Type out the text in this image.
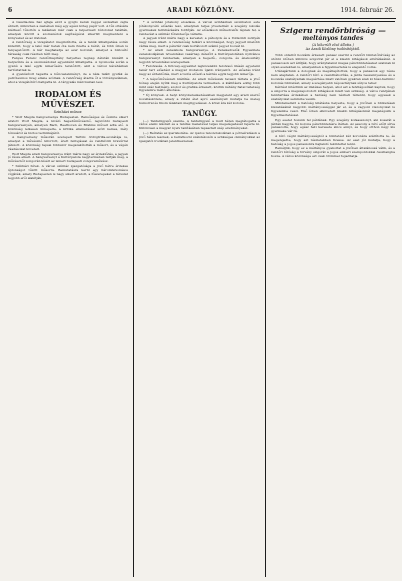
6	ARADI KÖZLÖNY.	1914. február 26.

A Gaudia-féle ház ajtaja előtt a gyújtó kerék reggel szokatlan zajra ébredt, miközben a zsebében még egy egész köteg papír volt. A tűz oltására kiérkező tűzoltók a lakásban már csak a felperzselt bútorokat találták, amelyek között a szomszédok segítségével sikerült megmenteni a könyveket és az iratokat.

A rendőrség a vizsgálatot megindította, és a tanúk kihallgatása során kiderült, hogy a lakó már hetek óta nem fizette a bérét, és több ízben is fenyegetőzött. A kár meghaladja az ezer koronát, amelyet a biztosító társaság csak részben térít meg.

Fenyes Ferenc rendőrkapitány helyettes tegnap délután kiszállt a helyszínre és a szomszédokat egyenként kihallgatta. A nyomozás során a gyanú a lakó egyik ismerősére terelődött, akit a városi kávéházban tartóztattak le.

A gyanúsított tagadta a bűncselekményt, de a nála talált gyufák és petróleumos üveg ellene szólnak. A rendőrség átadta őt a törvényszéknek, ahol a vizsgálóbíró hallgatta ki. A tárgyalás márciusban lesz.

IRODALOM ÉS MŰVÉSZET.
Szinházi műsor.

* Wolf Magda hangversenye Budapesten. Bensőséges és őszinte sikert aratott Wolf Magda, a kiváló hegedűművésznő, legutóbbi budapesti hangversenyén, amelyen Bach, Beethoven és Brahms műveit adta elő. A közönség lelkesen ünnepelte, a kritika elismeréssel szólt nemes, mély tónusáról és biztos technikájáról.

A hangverseny műsorán szerepelt Tartini ördögtrilla-szonátája is, amelyet a művésznő kiforrott, érett felfogással és rendkívüli bravúrral játszott. A közönség tapsai többször megszakították a műsort, és a végén ráadásokat követelt.

Wolf Magda aradi hangversenye iránt máris nagy az érdeklődés, a jegyek jó része elkelt. A hangversenyt a Kultúrpalota nagytermében tartják meg, a művésznőt zongorán kíséri az ismert budapesti zongoraművész.

* Színházi hírek. A városi színház igazgatósága a jövő hétre érdekes újdonságot tűzött műsorra. Bemutatásra kerül egy háromfelvonásos vígjáték, amely Budapesten is nagy sikert aratott, a főszerepeket a társulat legjobb erői alakítják.

* A színház jótékony előadása. A városi színházban szombaton este jótékonycélú előadás lesz, amelynek teljes jövedelmét a szegény iskolás gyermekek felruházására fordítják. Az előadáson műkedvelők lépnek fel, a rendezést a színház főrendezője vállalta.

A jegyek iránt máris nagy a kereslet; a páholyok és a földszinti zsöllyék nagy része elkelt. A rendezőség felkéri a közönséget, hogy jegyeit mielőbb váltsa meg, mert a pénztár csak korlátozott számú jegyet bocsát ki.

* Az aradi zeneiskola hangversenye. A Zenekedvelők Egyesülete zeneiskolájának növendékei vasárnap délelőtt a Kultúrpalotában nyilvános hangversenyt rendeznek, amelyen a hegedű-, zongora- és énekosztály legjobb növendékei szerepelnek.

* Felolvasás. A Kölcsey-egyesület legközelebbi felolvasó ülésén egyetemi tanár tart előadást a magyar irodalom újabb irányairól. Az előadás iránt nagy az érdeklődés, mert a tudós előadó a kérdés egyik legjobb ismerője.

* A képzőművészeti kiállítás. Az aradi művészek tavaszi tárlata a jövő hónap elején nyílik meg a Kultúrpalota termeiben. A kiállításra eddig több mint száz festmény, szobor és grafika érkezett, köztük néhány fiatal tehetség figyelemre méltó alkotása.

* Új könyvek. A helyi könyvkereskedésekben megjelent egy aradi szerző novelláskötete, amely a vidéki élet apró eseményeit mutatja be meleg humorral és finom lélektani megfigyeléssel. A kötet ára két korona.

TANÜGY.

(—) Tanfelügyelői szemle. A tanfelügyelő a mult héten meglátogatta a város elemi iskoláit és a tanítás menetével teljes megelégedését fejezte ki. Különösen a magyar nyelv tanításában tapasztalt szép eredményeket.

(—) Beíratás az ipariskolába. Az iparos tanonciskolában a pótbeíratások a jövő héten lesznek, a beiratkozni szándékozók a szükséges okmányokkal az igazgatói irodában jelentkezzenek.

Szigeru rendőrbiróság —
meltányos tandes
(A kikerült első állatia.)
Az Aradi Közlöny tudósítójától.

Több oldalról hozzánk érkezett panasz szerint a rendőri büntetőbíróság az utóbbi időben különös szigorral jár el a kisebb kihágások elbírálásánál. A panaszosok azt állítják, hogy aránytalanul magas pénzbüntetéseket szabnak ki olyan esetekben is, amelyekben a figyelmeztetés is elegendő volna.

Utánajártunk a dolognak és megállapítottuk, hogy a panaszok egy része nem alaptalan. A rendőri bíró a csendháborítás, a járda beszennyezése és a kocsizás szabályainak megsértése miatt valóban gyakran szab ki húsz-harminc koronás büntetést, amely a szegényebb néposztálynak súlyos teher.

Kérdést intéztünk az illetékes helyen, ahol azt a felvilágosítást kaptuk, hogy a szigorra a megszaporodott kihágások miatt van szükség. A város rendjének fenntartása érdekében a hatóság nem nézheti tétlenül, hogy egyesek a szabályokat semmibe veszik.

Mindamellett a hatóság kilátásba helyezte, hogy a jövőben a büntetések kiszabásánál nagyobb méltányossággal jár el, és a vagyoni viszonyokat is figyelembe veszi. Első ízben elkövetett kisebb kihágásoknál megelégszik a figyelmeztetéssel.

Egy esetet hozunk fel példának. Egy szegény kofaasszonyt, aki kosarát a járdán hagyta, tíz korona pénzbüntetésre ítéltek. Az asszony a bíró előtt sírva panaszolta, hogy egész heti keresete sincs ennyi, és hogy otthon négy kis gyermeke vár rá.

A bíró végül méltányosságból a büntetést két koronára szállította le, és megengedte, hogy azt részletekben fizesse. Az eset jól mutatja, hogy a hatóság a jogos panaszokra hajlandó tekintettel lenni.

Reméljük, hogy ez a méltányos gyakorlat a jövőben általánossá válik, és a rendőri bíróság a törvény szigorát a jogos emberi szempontokkal összhangba hozza. A város közönsége ezt csak örömmel fogadhatja.
